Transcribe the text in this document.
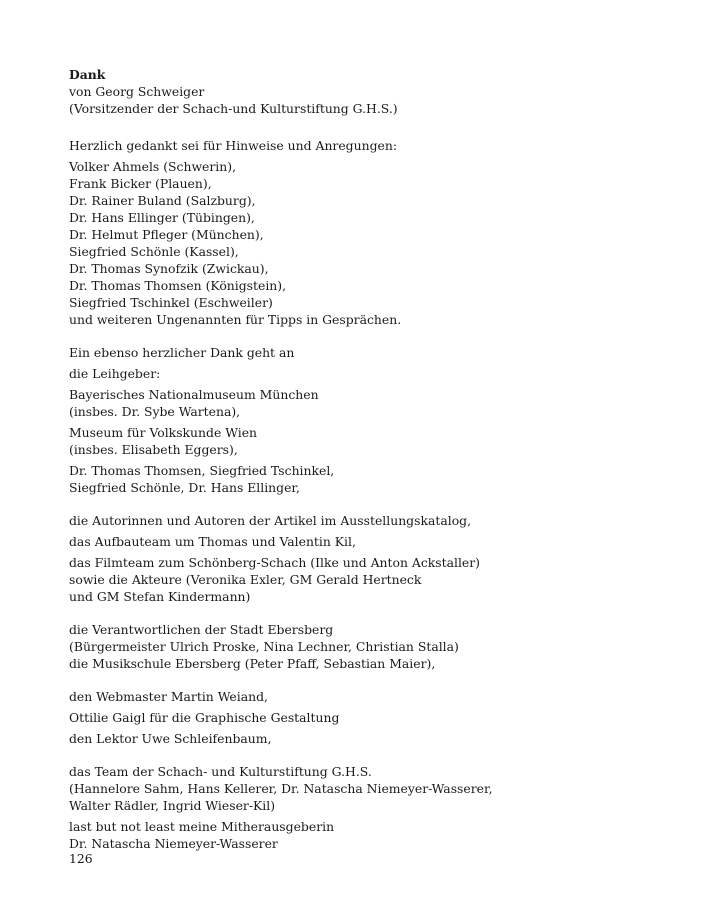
Dank
von Georg Schweiger
(Vorsitzender der Schach-und Kulturstiftung G.H.S.)
Herzlich gedankt sei für Hinweise und Anregungen:
Volker Ahmels (Schwerin),
Frank Bicker (Plauen),
Dr. Rainer Buland (Salzburg),
Dr. Hans Ellinger (Tübingen),
Dr. Helmut Pfleger (München),
Siegfried Schönle (Kassel),
Dr. Thomas Synofzik (Zwickau),
Dr. Thomas Thomsen (Königstein),
Siegfried Tschinkel (Eschweiler)
und weiteren Ungenannten für Tipps in Gesprächen.
Ein ebenso herzlicher Dank geht an
die Leihgeber:
Bayerisches Nationalmuseum München
(insbes. Dr. Sybe Wartena),
Museum für Volkskunde Wien
(insbes. Elisabeth Eggers),
Dr. Thomas Thomsen, Siegfried Tschinkel,
Siegfried Schönle, Dr. Hans Ellinger,
die Autorinnen und Autoren der Artikel im Ausstellungskatalog,
das Aufbauteam um Thomas und Valentin Kil,
das Filmteam zum Schönberg-Schach (Ilke und Anton Ackstaller)
sowie die Akteure (Veronika Exler, GM Gerald Hertneck
und GM Stefan Kindermann)
die Verantwortlichen der Stadt Ebersberg
(Bürgermeister Ulrich Proske, Nina Lechner, Christian Stalla)
die Musikschule Ebersberg (Peter Pfaff, Sebastian Maier),
den Webmaster Martin Weiand,
Ottilie Gaigl für die Graphische Gestaltung
den Lektor Uwe Schleifenbaum,
das Team der Schach- und Kulturstiftung G.H.S.
(Hannelore Sahm, Hans Kellerer, Dr. Natascha Niemeyer-Wasserer,
Walter Rädler, Ingrid Wieser-Kil)
last but not least meine Mitherausgeberin
Dr. Natascha Niemeyer-Wasserer
126
